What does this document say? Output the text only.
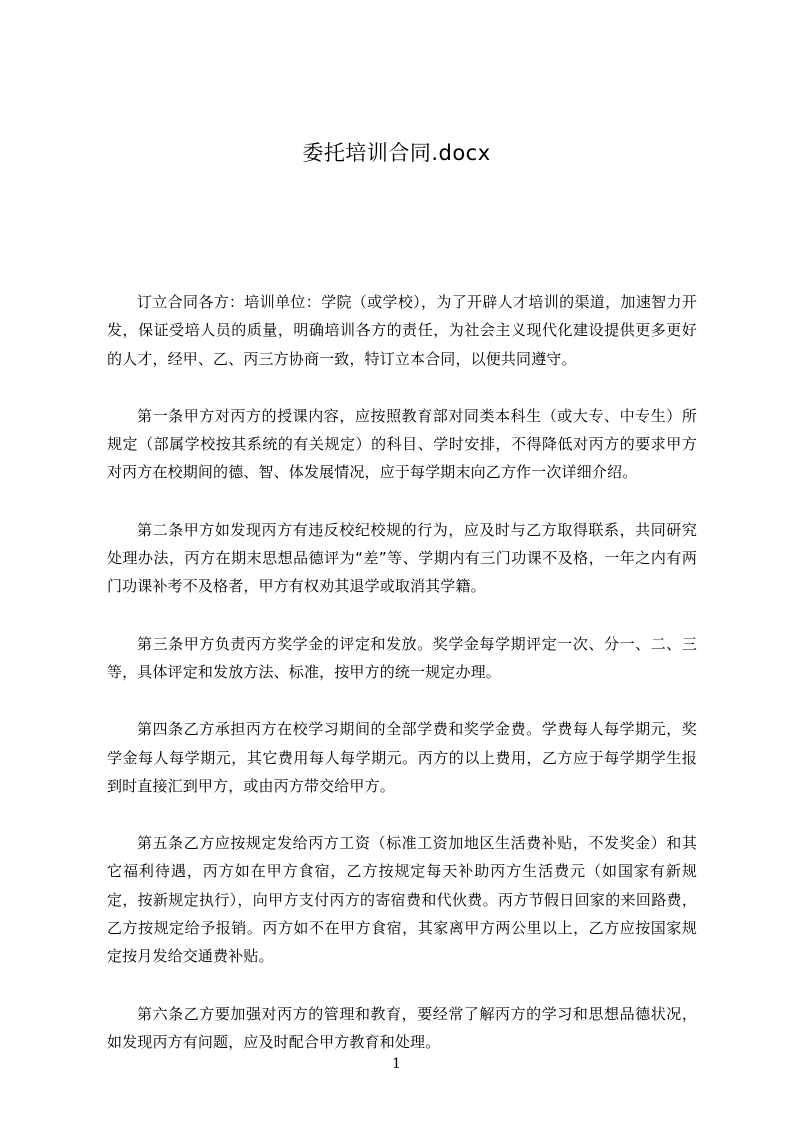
委托培训合同.docx

订立合同各方：培训单位：学院（或学校），为了开辟人才培训的渠道，加速智力开发，保证受培人员的质量，明确培训各方的责任，为社会主义现代化建设提供更多更好的人才，经甲、乙、丙三方协商一致，特订立本合同，以便共同遵守。

第一条甲方对丙方的授课内容，应按照教育部对同类本科生（或大专、中专生）所规定（部属学校按其系统的有关规定）的科目、学时安排，不得降低对丙方的要求甲方对丙方在校期间的德、智、体发展情况，应于每学期末向乙方作一次详细介绍。

第二条甲方如发现丙方有违反校纪校规的行为，应及时与乙方取得联系，共同研究处理办法，丙方在期末思想品德评为“差”等、学期内有三门功课不及格，一年之内有两门功课补考不及格者，甲方有权劝其退学或取消其学籍。

第三条甲方负责丙方奖学金的评定和发放。奖学金每学期评定一次、分一、二、三等，具体评定和发放方法、标准，按甲方的统一规定办理。

第四条乙方承担丙方在校学习期间的全部学费和奖学金费。学费每人每学期元，奖学金每人每学期元，其它费用每人每学期元。丙方的以上费用，乙方应于每学期学生报到时直接汇到甲方，或由丙方带交给甲方。

第五条乙方应按规定发给丙方工资（标准工资加地区生活费补贴，不发奖金）和其它福利待遇，丙方如在甲方食宿，乙方按规定每天补助丙方生活费元（如国家有新规定，按新规定执行），向甲方支付丙方的寄宿费和代伙费。丙方节假日回家的来回路费，乙方按规定给予报销。丙方如不在甲方食宿，其家离甲方两公里以上，乙方应按国家规定按月发给交通费补贴。

第六条乙方要加强对丙方的管理和教育，要经常了解丙方的学习和思想品德状况，如发现丙方有问题，应及时配合甲方教育和处理。

1
